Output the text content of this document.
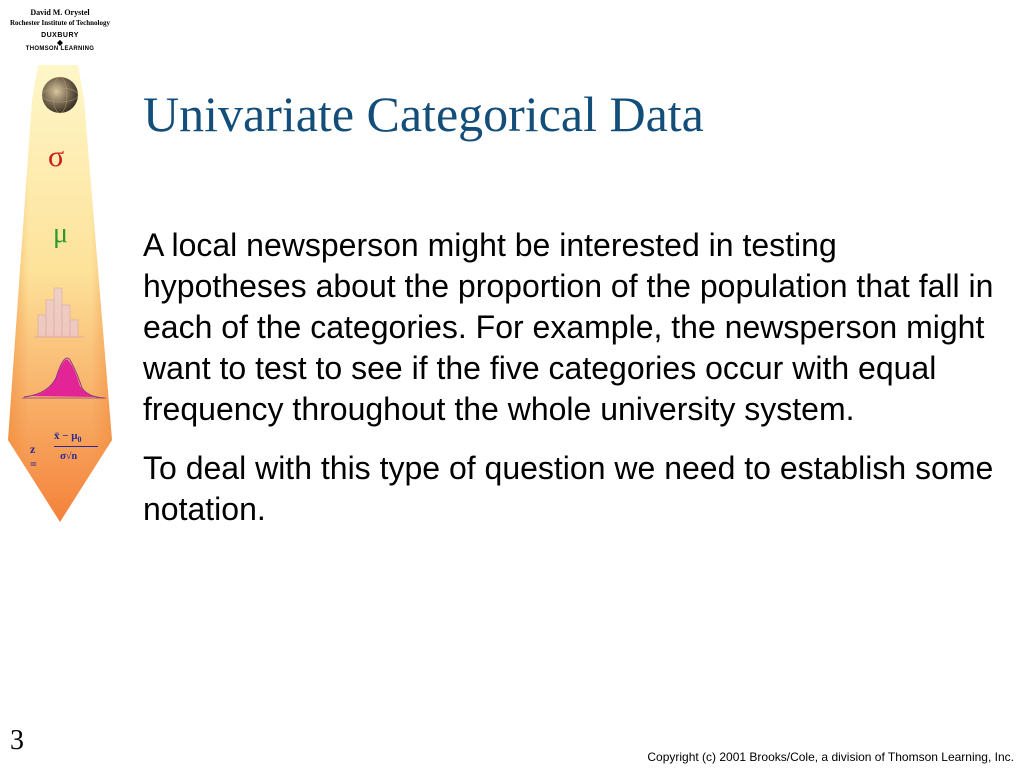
David M. Orystel
Rochester Institute of Technology
DUXBURY
◆
THOMSON LEARNING
σ
μ
z =
x̄ − $\mu_0$
σ√n
Univariate Categorical Data

A local newsperson might be interested in testing hypotheses about the proportion of the population that fall in each of the categories. For example, the newsperson might want to test to see if the five categories occur with equal frequency throughout the whole university system.

To deal with this type of question we need to establish some notation.

3
Copyright (c) 2001 Brooks/Cole, a division of Thomson Learning, Inc.
